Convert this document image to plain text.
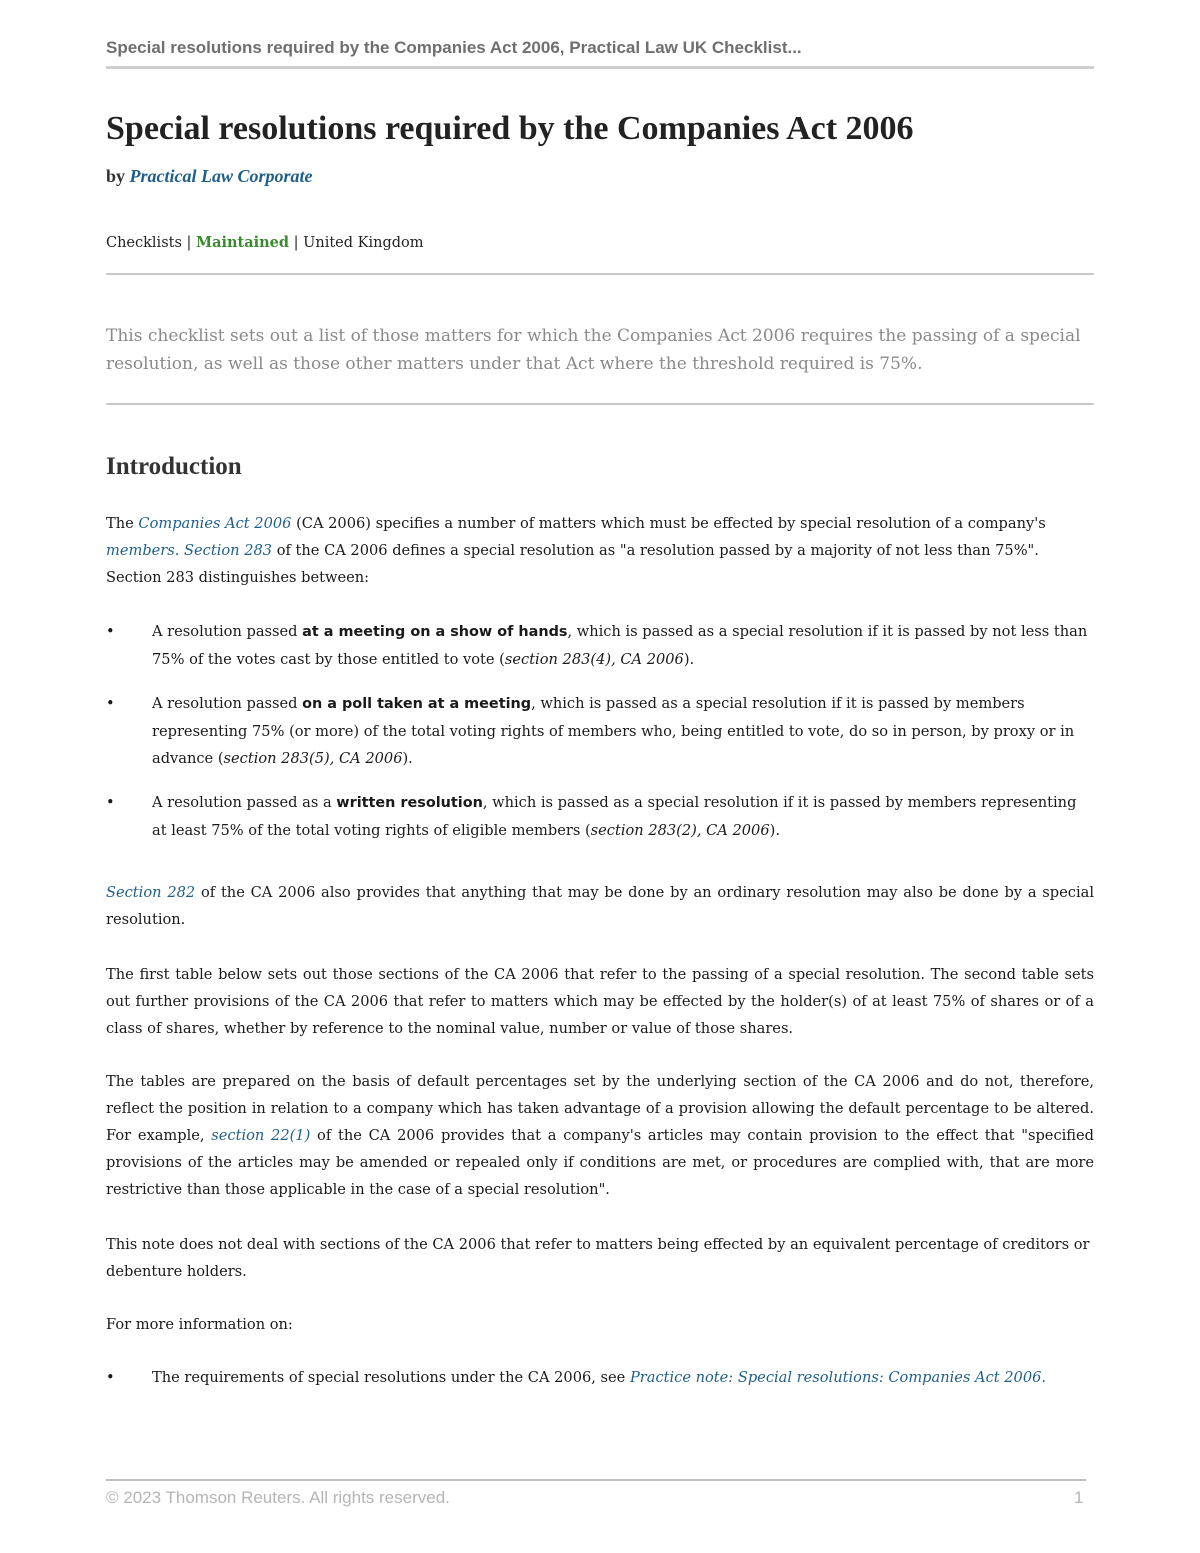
Special resolutions required by the Companies Act 2006, Practical Law UK Checklist...
Special resolutions required by the Companies Act 2006
by Practical Law Corporate
Checklists | Maintained | United Kingdom

This checklist sets out a list of those matters for which the Companies Act 2006 requires the passing of a special resolution, as well as those other matters under that Act where the threshold required is 75%.

Introduction

The Companies Act 2006 (CA 2006) specifies a number of matters which must be effected by special resolution of a company's members. Section 283 of the CA 2006 defines a special resolution as "a resolution passed by a majority of not less than 75%". Section 283 distinguishes between:

•	A resolution passed at a meeting on a show of hands, which is passed as a special resolution if it is passed by not less than 75% of the votes cast by those entitled to vote (section 283(4), CA 2006).
•	A resolution passed on a poll taken at a meeting, which is passed as a special resolution if it is passed by members representing 75% (or more) of the total voting rights of members who, being entitled to vote, do so in person, by proxy or in advance (section 283(5), CA 2006).
•	A resolution passed as a written resolution, which is passed as a special resolution if it is passed by members representing at least 75% of the total voting rights of eligible members (section 283(2), CA 2006).

Section 282 of the CA 2006 also provides that anything that may be done by an ordinary resolution may also be done by a special resolution.

The first table below sets out those sections of the CA 2006 that refer to the passing of a special resolution. The second table sets out further provisions of the CA 2006 that refer to matters which may be effected by the holder(s) of at least 75% of shares or of a class of shares, whether by reference to the nominal value, number or value of those shares.

The tables are prepared on the basis of default percentages set by the underlying section of the CA 2006 and do not, therefore, reflect the position in relation to a company which has taken advantage of a provision allowing the default percentage to be altered. For example, section 22(1) of the CA 2006 provides that a company's articles may contain provision to the effect that "specified provisions of the articles may be amended or repealed only if conditions are met, or procedures are complied with, that are more restrictive than those applicable in the case of a special resolution".

This note does not deal with sections of the CA 2006 that refer to matters being effected by an equivalent percentage of creditors or debenture holders.

For more information on:

•	The requirements of special resolutions under the CA 2006, see Practice note: Special resolutions: Companies Act 2006.
© 2023 Thomson Reuters. All rights reserved.	1
